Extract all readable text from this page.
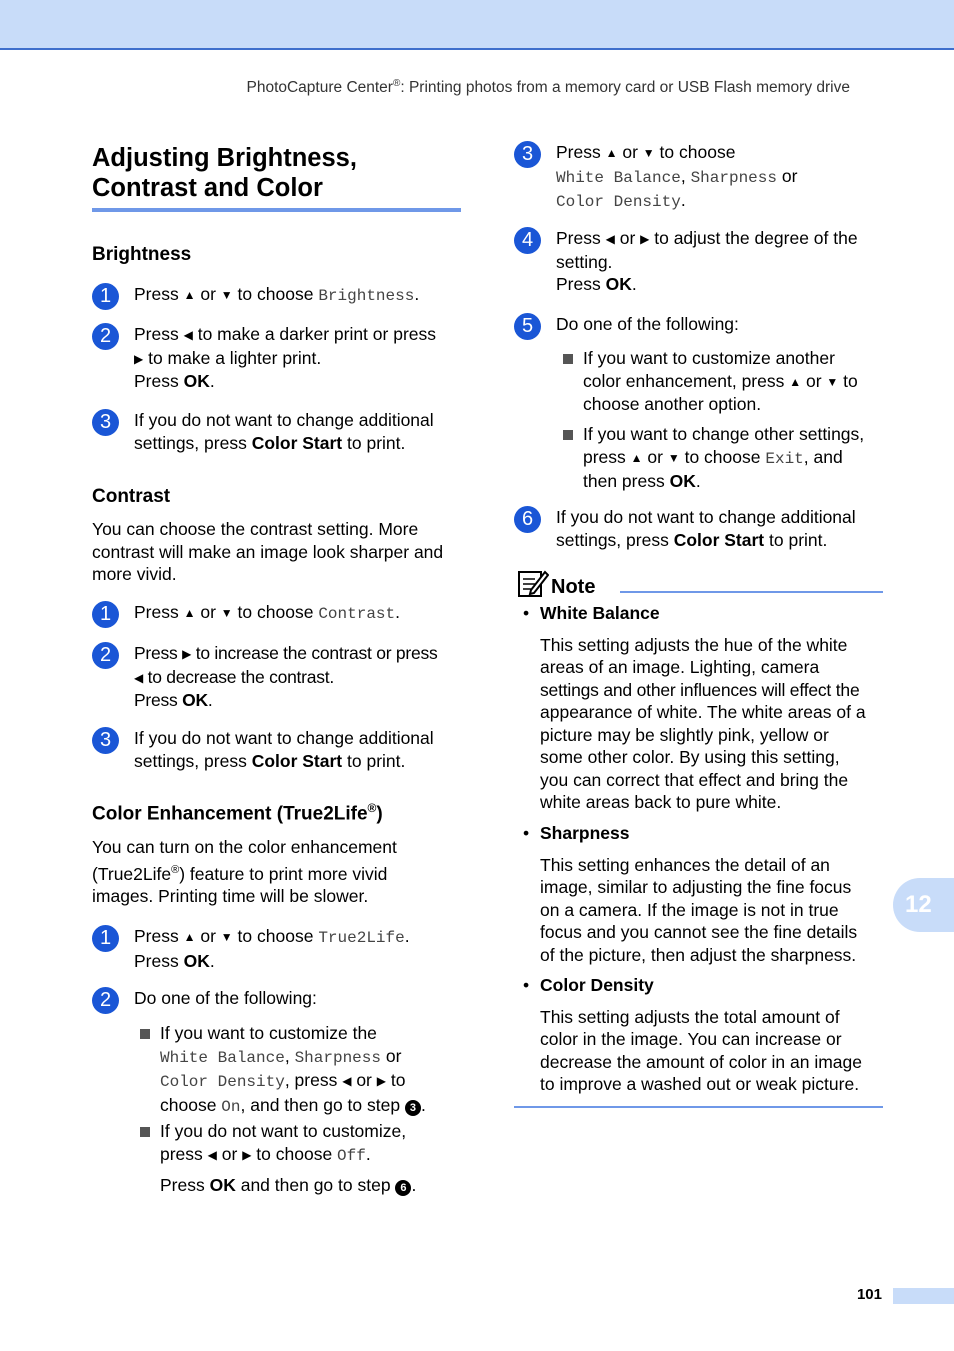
PhotoCapture Center®: Printing photos from a memory card or USB Flash memory drive
Adjusting Brightness,
Contrast and Color
Brightness
1	Press ▲ or ▼ to choose Brightness.
2	Press ◀ to make a darker print or press
▶ to make a lighter print.
Press OK.
3	If you do not want to change additional
settings, press Color Start to print.
Contrast
You can choose the contrast setting. More
contrast will make an image look sharper and
more vivid.
1	Press ▲ or ▼ to choose Contrast.
2	Press ▶ to increase the contrast or press
◀ to decrease the contrast.
Press OK.
3	If you do not want to change additional
settings, press Color Start to print.
Color Enhancement (True2Life®)
You can turn on the color enhancement
(True2Life®) feature to print more vivid
images. Printing time will be slower.
1	Press ▲ or ▼ to choose True2Life.
Press OK.
2	Do one of the following:
If you want to customize the
White Balance, Sharpness or
Color Density, press ◀ or ▶ to
choose On, and then go to step 3 .
If you do not want to customize,
press ◀ or ▶ to choose Off.
Press OK and then go to step 6 .
3	Press ▲ or ▼ to choose
White Balance, Sharpness or
Color Density.
4	Press ◀ or ▶ to adjust the degree of the
setting.
Press OK.
5	Do one of the following:
If you want to customize another
color enhancement, press ▲ or ▼ to
choose another option.
If you want to change other settings,
press ▲ or ▼ to choose Exit, and
then press OK.
6	If you do not want to change additional
settings, press Color Start to print.
Note
• White Balance
This setting adjusts the hue of the white
areas of an image. Lighting, camera
settings and other influences will effect the
appearance of white. The white areas of a
picture may be slightly pink, yellow or
some other color. By using this setting,
you can correct that effect and bring the
white areas back to pure white.
• Sharpness
This setting enhances the detail of an
image, similar to adjusting the fine focus
on a camera. If the image is not in true
focus and you cannot see the fine details
of the picture, then adjust the sharpness.
• Color Density
This setting adjusts the total amount of
color in the image. You can increase or
decrease the amount of color in an image
to improve a washed out or weak picture.
12
101
